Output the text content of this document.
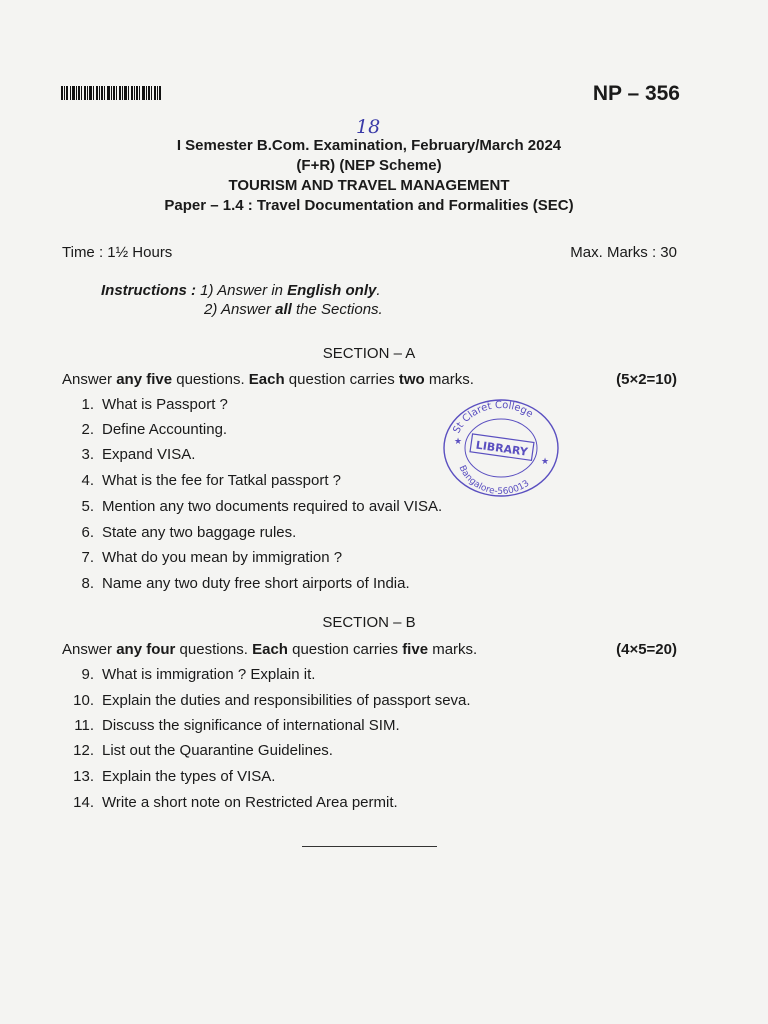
NP – 356
18
I Semester B.Com. Examination, February/March 2024
(F+R) (NEP Scheme)
TOURISM AND TRAVEL MANAGEMENT
Paper – 1.4 : Travel Documentation and Formalities (SEC)
Time : 1½ Hours	Max. Marks : 30
Instructions : 1) Answer in English only.
2) Answer all the Sections.
SECTION – A
Answer any five questions. Each question carries two marks.	(5×2=10)
1. What is Passport ?
2. Define Accounting.
3. Expand VISA.
4. What is the fee for Tatkal passport ?
5. Mention any two documents required to avail VISA.
6. State any two baggage rules.
7. What do you mean by immigration ?
8. Name any two duty free short airports of India.
St Claret College
Bangalore-560013
LIBRARY
★
★
SECTION – B
Answer any four questions. Each question carries five marks.	(4×5=20)
9. What is immigration ? Explain it.
10. Explain the duties and responsibilities of passport seva.
11. Discuss the significance of international SIM.
12. List out the Quarantine Guidelines.
13. Explain the types of VISA.
14. Write a short note on Restricted Area permit.
